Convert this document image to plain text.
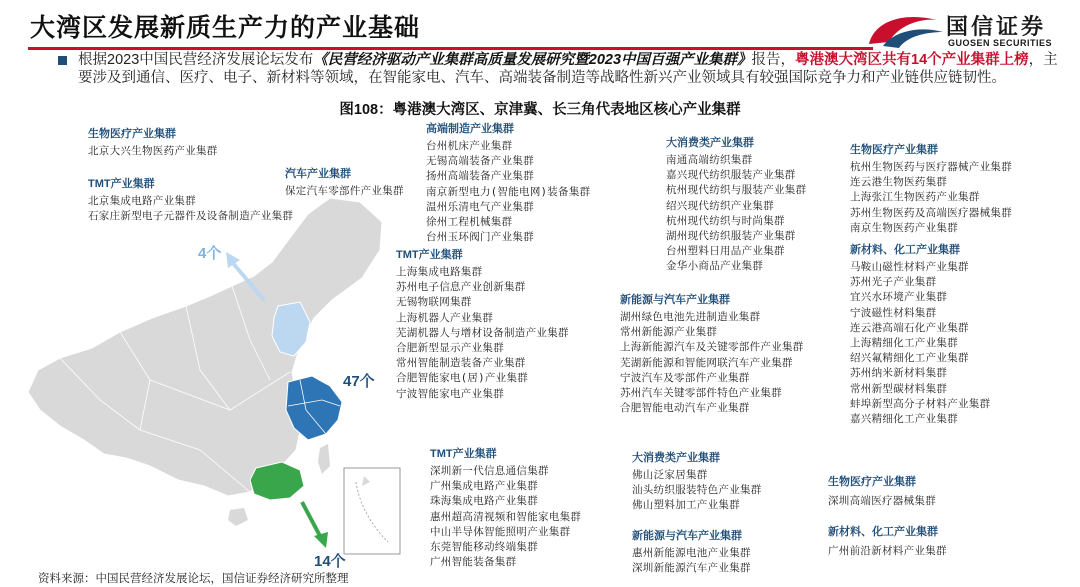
大湾区发展新质生产力的产业基础	国信证券
GUOSEN SECURITIES
根据2023中国民营经济发展论坛发布《民营经济驱动产业集群高质量发展研究暨2023中国百强产业集群》报告，粤港澳大湾区共有14个产业集群上榜，主要涉及到通信、医疗、电子、新材料等领域，在智能家电、汽车、高端装备制造等战略性新兴产业领域具有较强国际竞争力和产业链供应链韧性。
图108：粤港澳大湾区、京津冀、长三角代表地区核心产业集群
4个
47个
14个
生物医疗产业集群
北京大兴生物医药产业集群
TMT产业集群
北京集成电路产业集群
石家庄新型电子元器件及设备制造产业集群
汽车产业集群
保定汽车零部件产业集群
高端制造产业集群
台州机床产业集群
无锡高端装备产业集群
扬州高端装备产业集群
南京新型电力(智能电网)装备集群
温州乐清电气产业集群
徐州工程机械集群
台州玉环阀门产业集群
TMT产业集群
上海集成电路集群
苏州电子信息产业创新集群
无锡物联网集群
上海机器人产业集群
芜湖机器人与增材设备制造产业集群
合肥新型显示产业集群
常州智能制造装备产业集群
合肥智能家电(居)产业集群
宁波智能家电产业集群
大消费类产业集群
南通高端纺织集群
嘉兴现代纺织服装产业集群
杭州现代纺织与服装产业集群
绍兴现代纺织产业集群
杭州现代纺织与时尚集群
湖州现代纺织服装产业集群
台州塑料日用品产业集群
金华小商品产业集群
新能源与汽车产业集群
湖州绿色电池先进制造业集群
常州新能源产业集群
上海新能源汽车及关键零部件产业集群
芜湖新能源和智能网联汽车产业集群
宁波汽车及零部件产业集群
苏州汽车关键零部件特色产业集群
合肥智能电动汽车产业集群
生物医疗产业集群
杭州生物医药与医疗器械产业集群
连云港生物医药集群
上海张江生物医药产业集群
苏州生物医药及高端医疗器械集群
南京生物医药产业集群
新材料、化工产业集群
马鞍山磁性材料产业集群
苏州光子产业集群
宜兴水环境产业集群
宁波磁性材料集群
连云港高端石化产业集群
上海精细化工产业集群
绍兴氟精细化工产业集群
苏州纳米新材料集群
常州新型碳材料集群
蚌埠新型高分子材料产业集群
嘉兴精细化工产业集群
TMT产业集群
深圳新一代信息通信集群
广州集成电路产业集群
珠海集成电路产业集群
惠州超高清视频和智能家电集群
中山半导体智能照明产业集群
东莞智能移动终端集群
广州智能装备集群
大消费类产业集群
佛山泛家居集群
汕头纺织服装特色产业集群
佛山塑料加工产业集群
新能源与汽车产业集群
惠州新能源电池产业集群
深圳新能源汽车产业集群
生物医疗产业集群
深圳高端医疗器械集群
新材料、化工产业集群
广州前沿新材料产业集群
资料来源：中国民营经济发展论坛，国信证券经济研究所整理
